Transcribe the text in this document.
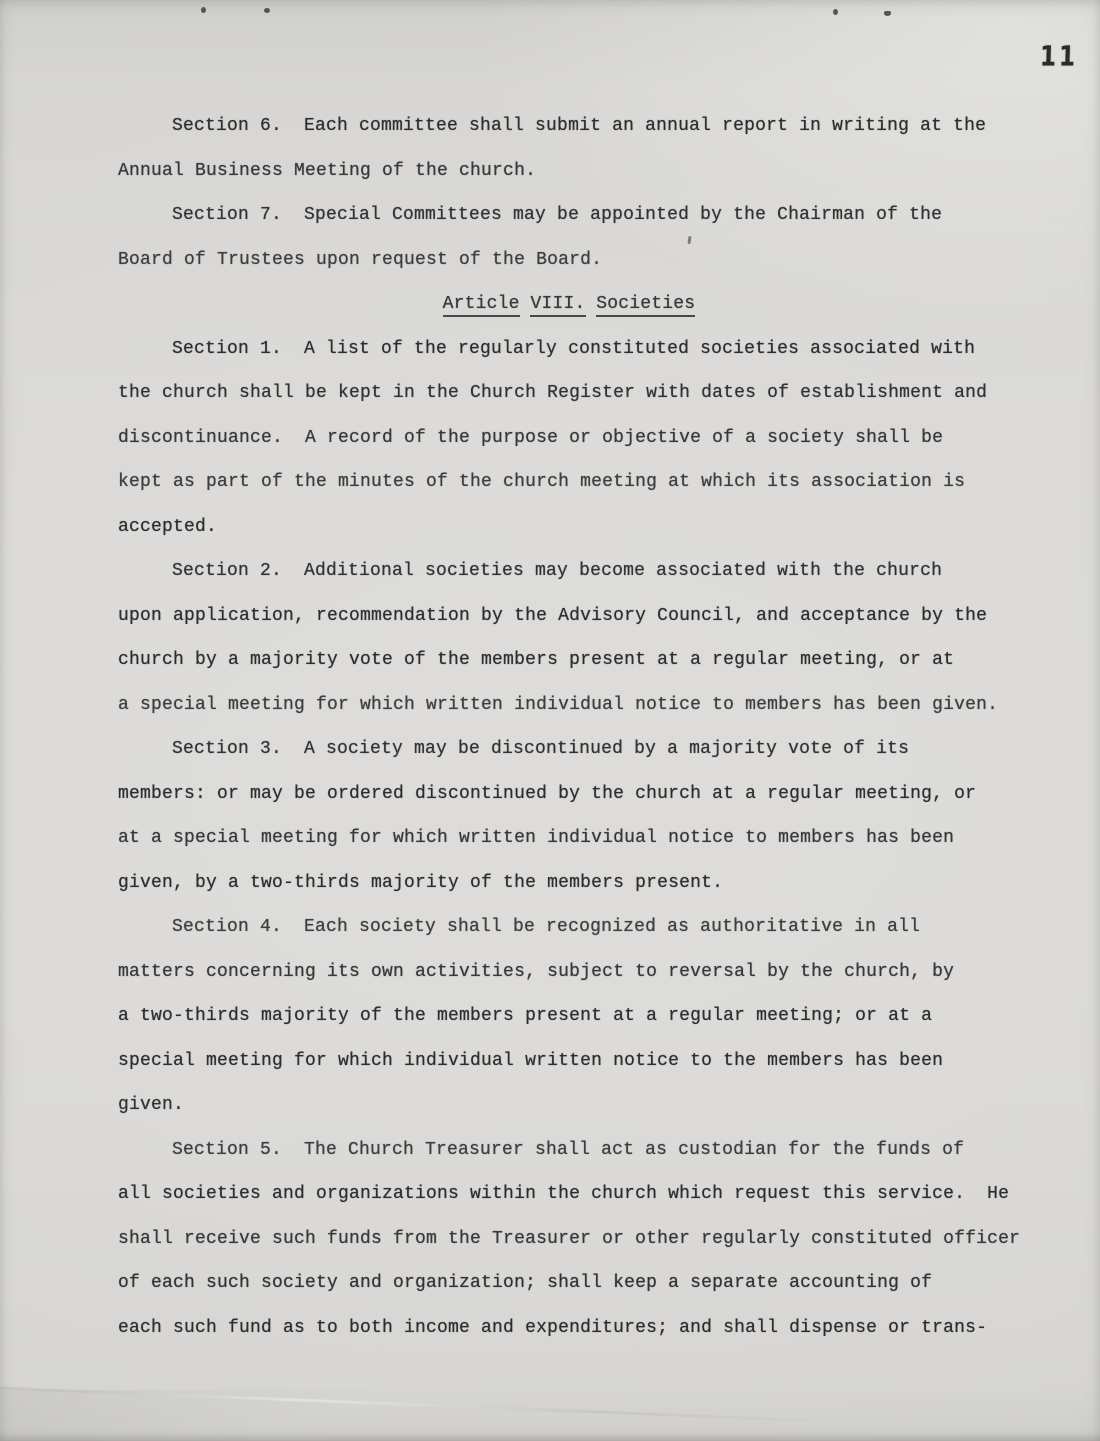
11
Section 6.  Each committee shall submit an annual report in writing at the
Annual Business Meeting of the church.
Section 7.  Special Committees may be appointed by the Chairman of the
Board of Trustees upon request of the Board.
Article VIII. Societies
Section 1.  A list of the regularly constituted societies associated with
the church shall be kept in the Church Register with dates of establishment and
discontinuance.  A record of the purpose or objective of a society shall be
kept as part of the minutes of the church meeting at which its association is
accepted.
Section 2.  Additional societies may become associated with the church
upon application, recommendation by the Advisory Council, and acceptance by the
church by a majority vote of the members present at a regular meeting, or at
a special meeting for which written individual notice to members has been given.
Section 3.  A society may be discontinued by a majority vote of its
members: or may be ordered discontinued by the church at a regular meeting, or
at a special meeting for which written individual notice to members has been
given, by a two-thirds majority of the members present.
Section 4.  Each society shall be recognized as authoritative in all
matters concerning its own activities, subject to reversal by the church, by
a two-thirds majority of the members present at a regular meeting; or at a
special meeting for which individual written notice to the members has been
given.
Section 5.  The Church Treasurer shall act as custodian for the funds of
all societies and organizations within the church which request this service.  He
shall receive such funds from the Treasurer or other regularly constituted officer
of each such society and organization; shall keep a separate accounting of
each such fund as to both income and expenditures; and shall dispense or trans-
